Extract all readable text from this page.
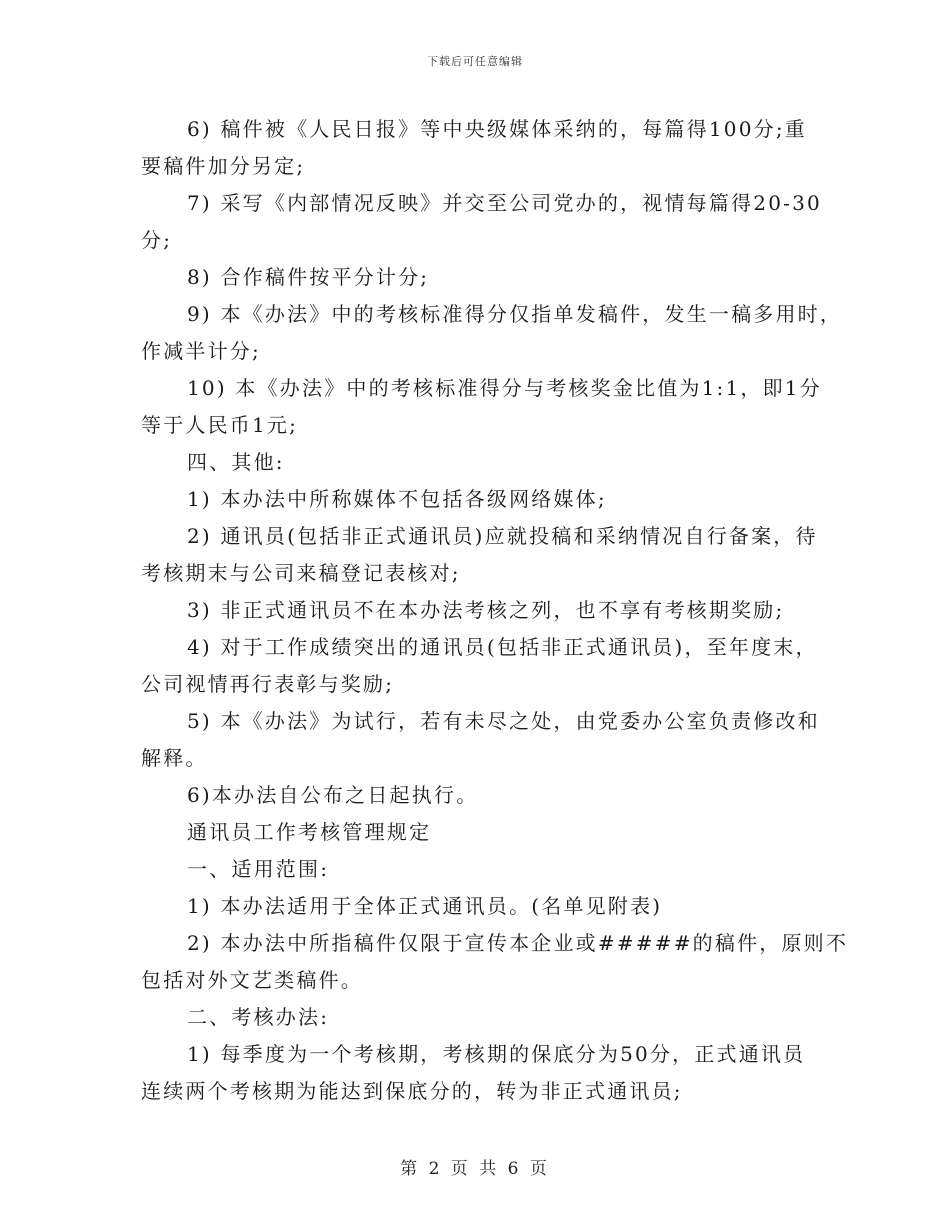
下载后可任意编辑
6) 稿件被《人民日报》等中央级媒体采纳的，每篇得100分;重
要稿件加分另定;
7) 采写《内部情况反映》并交至公司党办的，视情每篇得20-30
分;
8) 合作稿件按平分计分;
9) 本《办法》中的考核标准得分仅指单发稿件，发生一稿多用时，
作减半计分;
10) 本《办法》中的考核标准得分与考核奖金比值为1:1，即1分
等于人民币1元;
四、其他:
1) 本办法中所称媒体不包括各级网络媒体;
2) 通讯员(包括非正式通讯员)应就投稿和采纳情况自行备案，待
考核期末与公司来稿登记表核对;
3) 非正式通讯员不在本办法考核之列，也不享有考核期奖励;
4) 对于工作成绩突出的通讯员(包括非正式通讯员)，至年度末，
公司视情再行表彰与奖励;
5) 本《办法》为试行，若有未尽之处，由党委办公室负责修改和
解释。
6)本办法自公布之日起执行。
通讯员工作考核管理规定
一、适用范围:
1) 本办法适用于全体正式通讯员。(名单见附表)
2) 本办法中所指稿件仅限于宣传本企业或#####的稿件，原则不
包括对外文艺类稿件。
二、考核办法:
1) 每季度为一个考核期，考核期的保底分为50分，正式通讯员
连续两个考核期为能达到保底分的，转为非正式通讯员;
第 2 页 共 6 页
